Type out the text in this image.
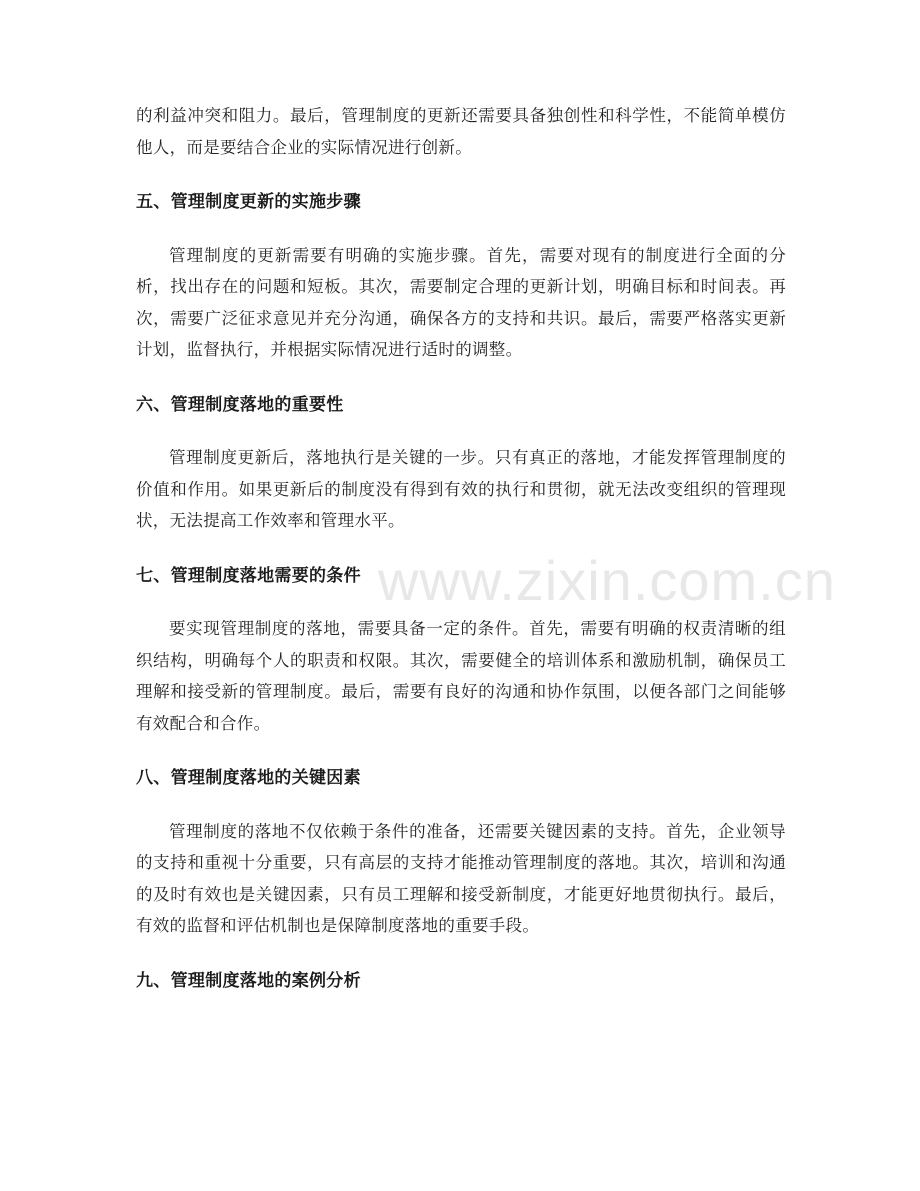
www.zixin.com.cn

的利益冲突和阻力。最后，管理制度的更新还需要具备独创性和科学性，不能简单模仿他人，而是要结合企业的实际情况进行创新。

五、管理制度更新的实施步骤

管理制度的更新需要有明确的实施步骤。首先，需要对现有的制度进行全面的分析，找出存在的问题和短板。其次，需要制定合理的更新计划，明确目标和时间表。再次，需要广泛征求意见并充分沟通，确保各方的支持和共识。最后，需要严格落实更新计划，监督执行，并根据实际情况进行适时的调整。

六、管理制度落地的重要性

管理制度更新后，落地执行是关键的一步。只有真正的落地，才能发挥管理制度的价值和作用。如果更新后的制度没有得到有效的执行和贯彻，就无法改变组织的管理现状，无法提高工作效率和管理水平。

七、管理制度落地需要的条件

要实现管理制度的落地，需要具备一定的条件。首先，需要有明确的权责清晰的组织结构，明确每个人的职责和权限。其次，需要健全的培训体系和激励机制，确保员工理解和接受新的管理制度。最后，需要有良好的沟通和协作氛围，以便各部门之间能够有效配合和合作。

八、管理制度落地的关键因素

管理制度的落地不仅依赖于条件的准备，还需要关键因素的支持。首先，企业领导的支持和重视十分重要，只有高层的支持才能推动管理制度的落地。其次，培训和沟通的及时有效也是关键因素，只有员工理解和接受新制度，才能更好地贯彻执行。最后，有效的监督和评估机制也是保障制度落地的重要手段。

九、管理制度落地的案例分析
